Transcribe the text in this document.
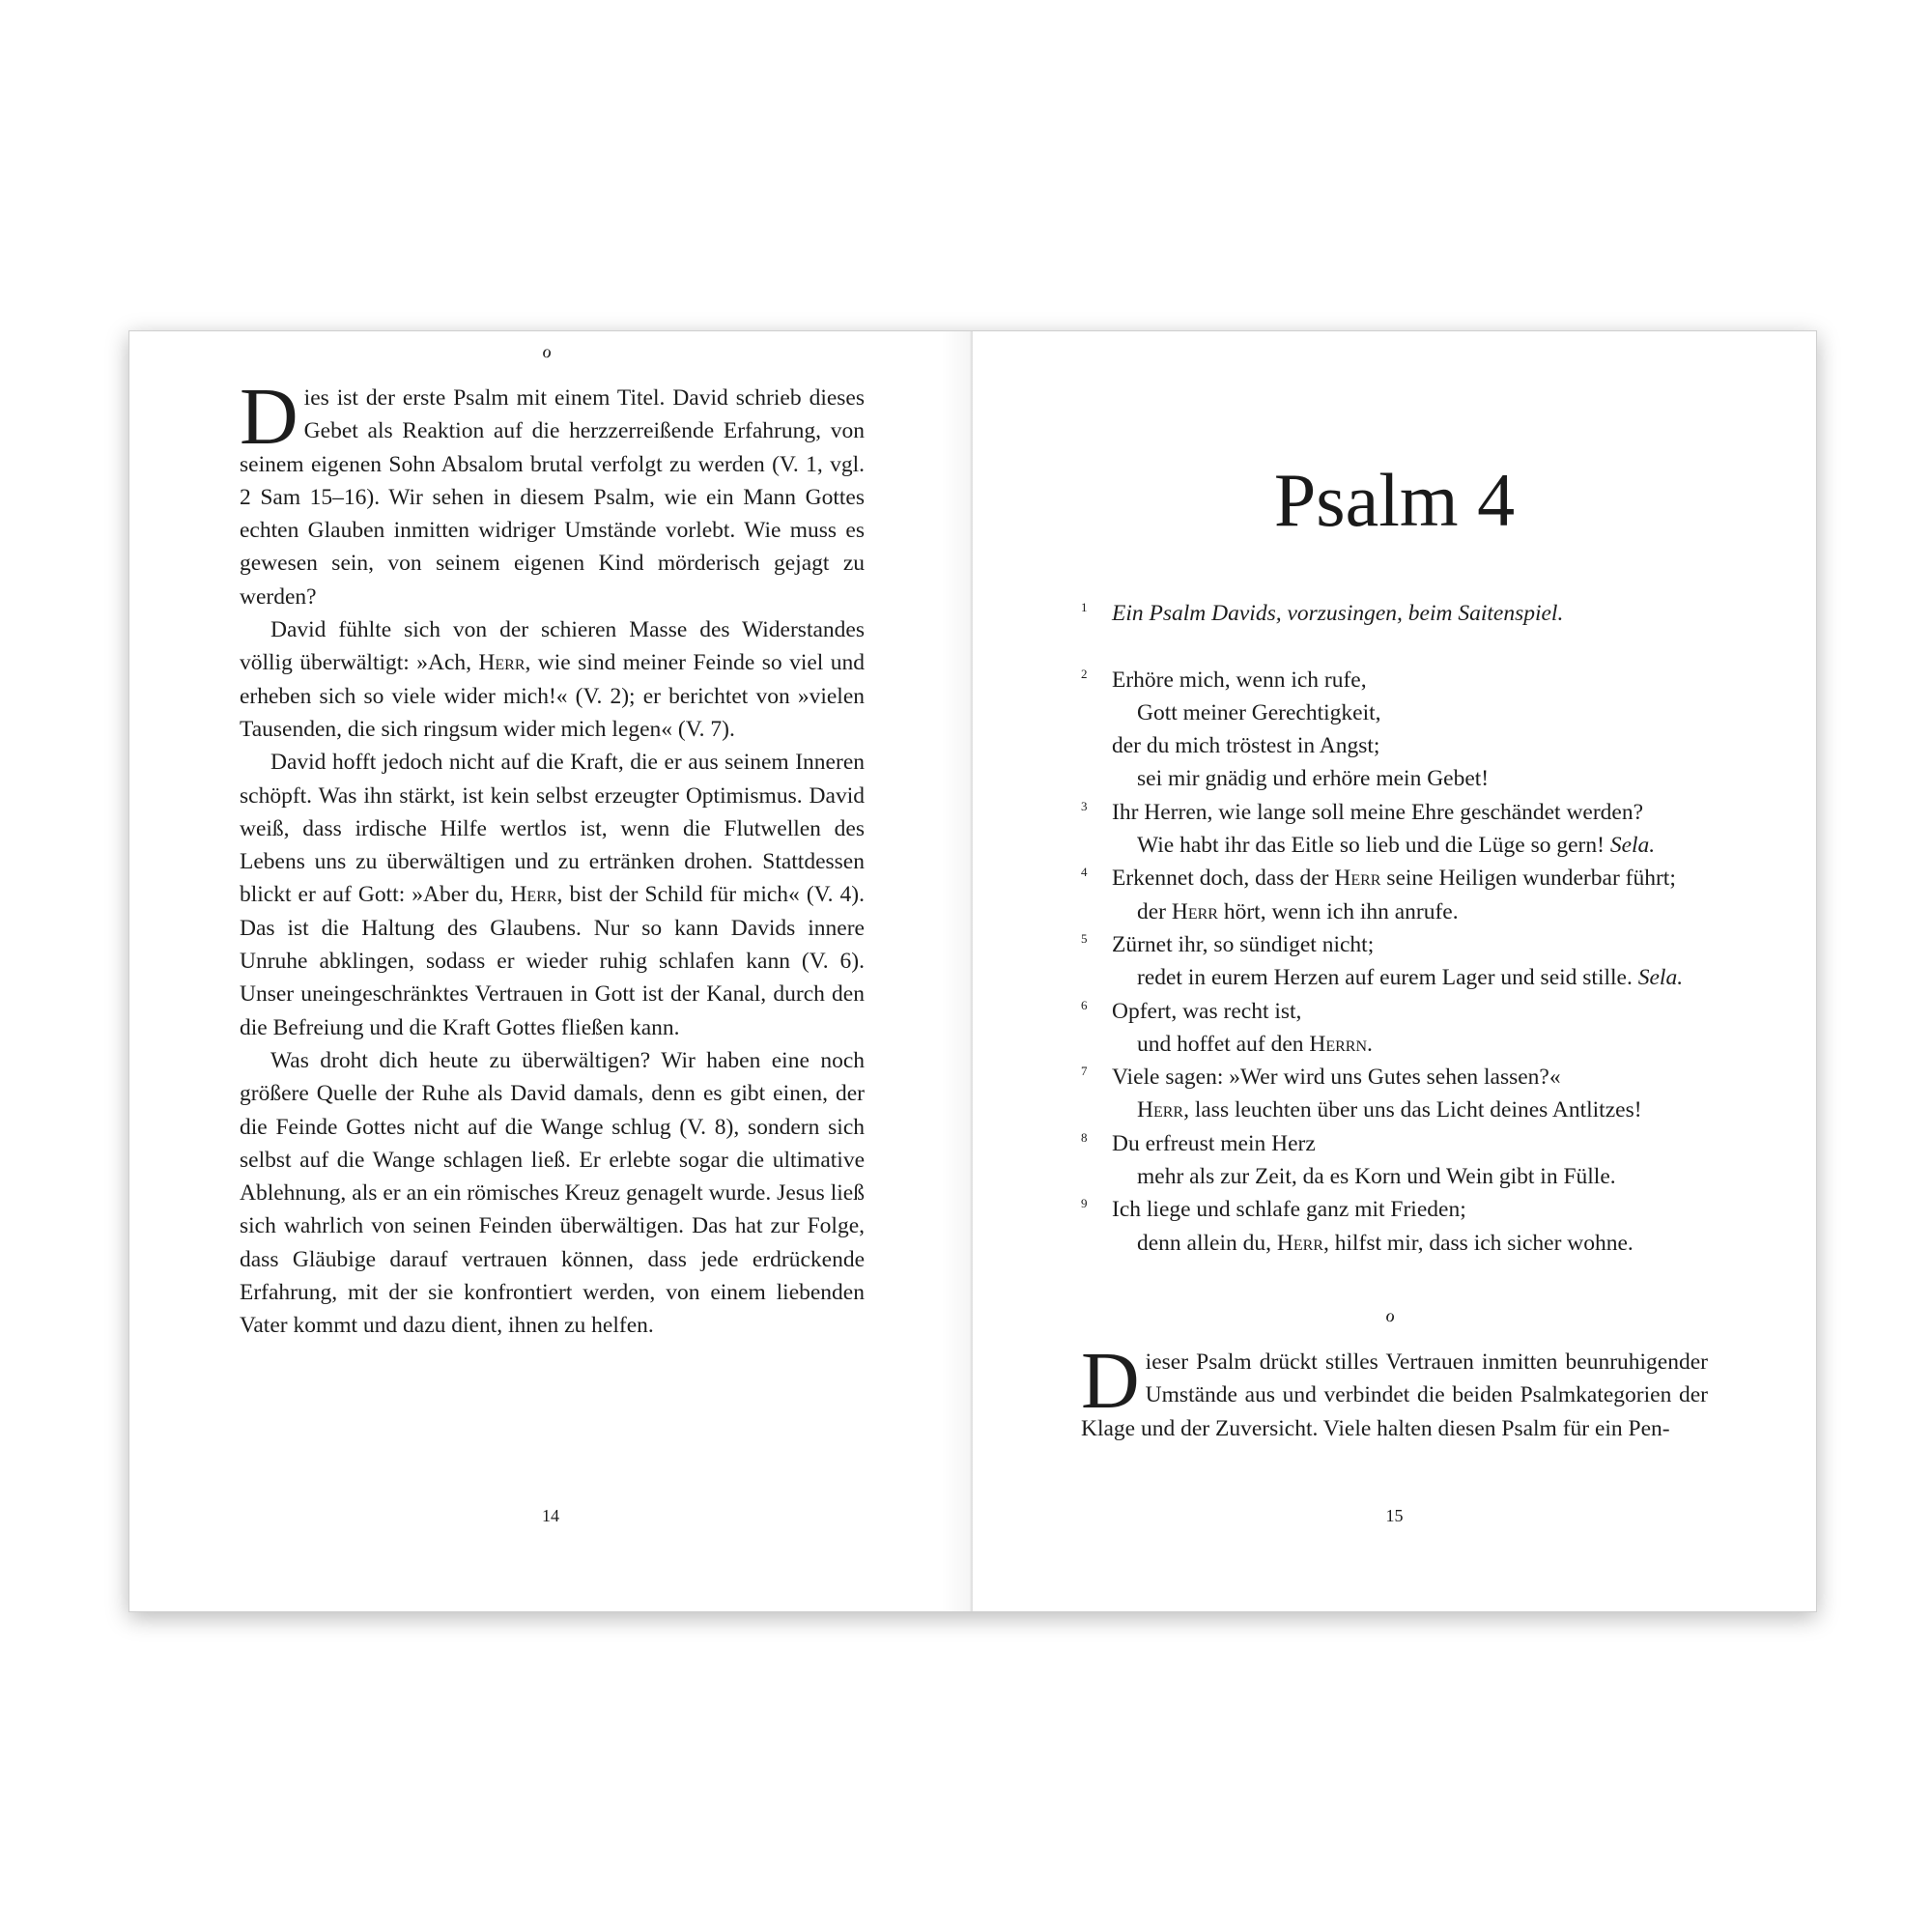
ℴ

Dies ist der erste Psalm mit einem Titel. David schrieb dieses Gebet als Reaktion auf die herzzerreißende Erfahrung, von seinem eigenen Sohn Absalom brutal verfolgt zu werden (V. 1, vgl. 2 Sam 15–16). Wir sehen in diesem Psalm, wie ein Mann Gottes echten Glauben inmitten widriger Umstände vorlebt. Wie muss es gewesen sein, von seinem eigenen Kind mörderisch gejagt zu werden?

David fühlte sich von der schieren Masse des Widerstandes völlig überwältigt: »Ach, Herr, wie sind meiner Feinde so viel und erheben sich so viele wider mich!« (V. 2); er berichtet von »vielen Tausenden, die sich ringsum wider mich legen« (V. 7).

David hofft jedoch nicht auf die Kraft, die er aus seinem Inneren schöpft. Was ihn stärkt, ist kein selbst erzeugter Optimismus. David weiß, dass irdische Hilfe wertlos ist, wenn die Flutwellen des Lebens uns zu überwältigen und zu ertränken drohen. Stattdessen blickt er auf Gott: »Aber du, Herr, bist der Schild für mich« (V. 4). Das ist die Haltung des Glaubens. Nur so kann Davids innere Unruhe abklingen, sodass er wieder ruhig schlafen kann (V. 6). Unser uneingeschränktes Vertrauen in Gott ist der Kanal, durch den die Befreiung und die Kraft Gottes fließen kann.

Was droht dich heute zu überwältigen? Wir haben eine noch größere Quelle der Ruhe als David damals, denn es gibt einen, der die Feinde Gottes nicht auf die Wange schlug (V. 8), sondern sich selbst auf die Wange schlagen ließ. Er erlebte sogar die ultimative Ablehnung, als er an ein römisches Kreuz genagelt wurde. Jesus ließ sich wahrlich von seinen Feinden überwältigen. Das hat zur Folge, dass Gläubige darauf vertrauen können, dass jede erdrückende Erfahrung, mit der sie konfrontiert werden, von einem liebenden Vater kommt und dazu dient, ihnen zu helfen.

14
Psalm 4
1 Ein Psalm Davids, vorzusingen, beim Saitenspiel.
2 Erhöre mich, wenn ich rufe,
Gott meiner Gerechtigkeit,
der du mich tröstest in Angst;
sei mir gnädig und erhöre mein Gebet!
3 Ihr Herren, wie lange soll meine Ehre geschändet werden?
Wie habt ihr das Eitle so lieb und die Lüge so gern! Sela.
4 Erkennet doch, dass der Herr seine Heiligen wunderbar führt;
der Herr hört, wenn ich ihn anrufe.
5 Zürnet ihr, so sündiget nicht;
redet in eurem Herzen auf eurem Lager und seid stille. Sela.
6 Opfert, was recht ist,
und hoffet auf den Herrn.
7 Viele sagen: »Wer wird uns Gutes sehen lassen?«
Herr, lass leuchten über uns das Licht deines Antlitzes!
8 Du erfreust mein Herz
mehr als zur Zeit, da es Korn und Wein gibt in Fülle.
9 Ich liege und schlafe ganz mit Frieden;
denn allein du, Herr, hilfst mir, dass ich sicher wohne.
ℴ

Dieser Psalm drückt stilles Vertrauen inmitten beunruhigender Umstände aus und verbindet die beiden Psalmkategorien der Klage und der Zuversicht. Viele halten diesen Psalm für ein Pen-

15
